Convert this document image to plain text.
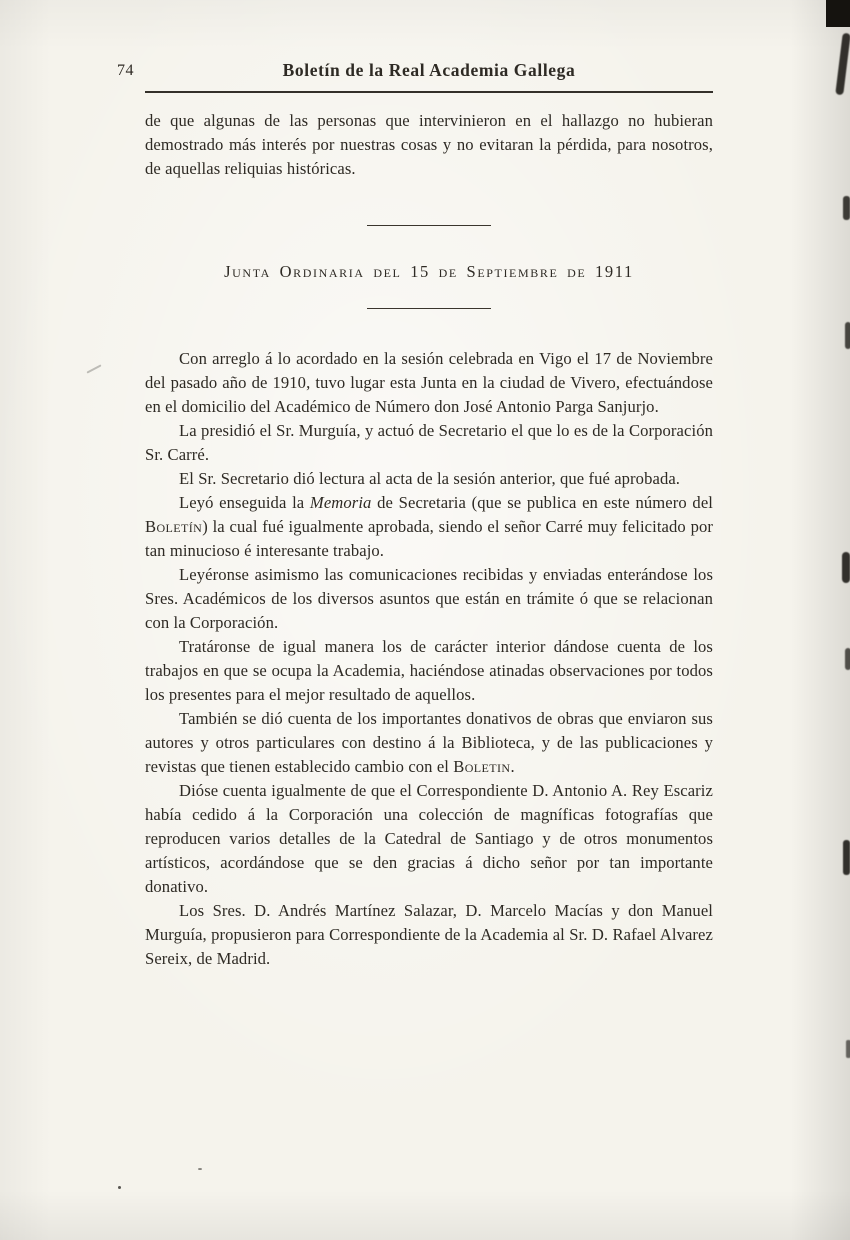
74	Boletín de la Real Academia Gallega

de que algunas de las personas que intervinieron en el hallazgo no hubieran demostrado más interés por nuestras cosas y no evitaran la pérdida, para nosotros, de aquellas reliquias históricas.

Junta Ordinaria del 15 de Septiembre de 1911

Con arreglo á lo acordado en la sesión celebrada en Vigo el 17 de Noviembre del pasado año de 1910, tuvo lugar esta Junta en la ciudad de Vivero, efectuándose en el domicilio del Académico de Número don José Antonio Parga Sanjurjo.

La presidió el Sr. Murguía, y actuó de Secretario el que lo es de la Corporación Sr. Carré.

El Sr. Secretario dió lectura al acta de la sesión anterior, que fué aprobada.

Leyó enseguida la Memoria de Secretaria (que se publica en este número del Boletín) la cual fué igualmente aprobada, siendo el señor Carré muy felicitado por tan minucioso é interesante trabajo.

Leyéronse asimismo las comunicaciones recibidas y enviadas enterándose los Sres. Académicos de los diversos asuntos que están en trámite ó que se relacionan con la Corporación.

Tratáronse de igual manera los de carácter interior dándose cuenta de los trabajos en que se ocupa la Academia, haciéndose atinadas observaciones por todos los presentes para el mejor resultado de aquellos.

También se dió cuenta de los importantes donativos de obras que enviaron sus autores y otros particulares con destino á la Biblioteca, y de las publicaciones y revistas que tienen establecido cambio con el Boletin.

Dióse cuenta igualmente de que el Correspondiente D. Antonio A. Rey Escariz había cedido á la Corporación una colección de magníficas fotografías que reproducen varios detalles de la Catedral de Santiago y de otros monumentos artísticos, acordándose que se den gracias á dicho señor por tan importante donativo.

Los Sres. D. Andrés Martínez Salazar, D. Marcelo Macías y don Manuel Murguía, propusieron para Correspondiente de la Academia al Sr. D. Rafael Alvarez Sereix, de Madrid.
